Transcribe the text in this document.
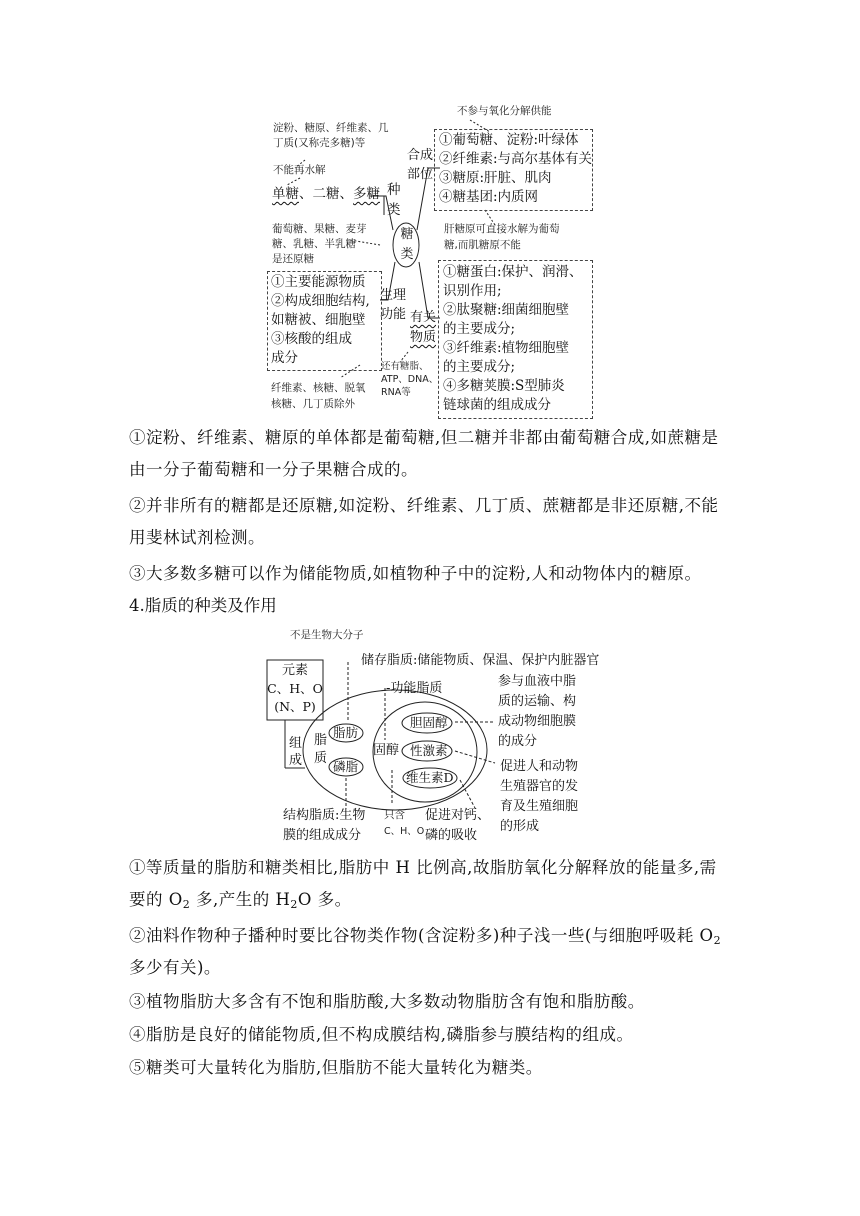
糖类
淀粉、糖原、纤维素、几
丁质(又称壳多糖)等
不能再水解
单糖、二糖、多糖 种
类
葡萄糖、果糖、麦芽
糖、乳糖、半乳糖
是还原糖
合成
部位
不参与氧化分解供能
①葡萄糖、淀粉:叶绿体
②纤维素:与高尔基体有关
③糖原:肝脏、肌肉
④糖基团:内质网
肝糖原可直接水解为葡萄
糖,而肌糖原不能
①主要能源物质
②构成细胞结构,
如糖被、细胞壁
③核酸的组成
成分
生理
功能
纤维素、核糖、脱氧
核糖、几丁质除外
有关
物质
还有糖脂、
ATP、DNA、
RNA等
①糖蛋白:保护、润滑、
识别作用;
②肽聚糖:细菌细胞壁
的主要成分;
③纤维素:植物细胞壁
的主要成分;
④多糖荚膜:S型肺炎
链球菌的组成成分
①淀粉、纤维素、糖原的单体都是葡萄糖,但二糖并非都由葡萄糖合成,如蔗糖是由一分子葡萄糖和一分子果糖合成的。
②并非所有的糖都是还原糖,如淀粉、纤维素、几丁质、蔗糖都是非还原糖,不能用斐林试剂检测。
③大多数多糖可以作为储能物质,如植物种子中的淀粉,人和动物体内的糖原。
4.脂质的种类及作用
不是生物大分子
储存脂质:储能物质、保温、保护内脏器官
元素
C、H、O
(N、P)
组
成
脂
质
脂肪
磷脂
-功能脂质
固醇
胆固醇
性激素
维生素D
参与血液中脂
质的运输、构
成动物细胞膜
的成分
促进人和动物
生殖器官的发
育及生殖细胞
的形成
结构脂质:生物
膜的组成成分
只含
C、H、O
促进对钙、
磷的吸收
①等质量的脂肪和糖类相比,脂肪中 H 比例高,故脂肪氧化分解释放的能量多,需要的 $O_2$ 多,产生的 $H_2O$ 多。
②油料作物种子播种时要比谷物类作物(含淀粉多)种子浅一些(与细胞呼吸耗 $O_2$ 多少有关)。
③植物脂肪大多含有不饱和脂肪酸,大多数动物脂肪含有饱和脂肪酸。
④脂肪是良好的储能物质,但不构成膜结构,磷脂参与膜结构的组成。
⑤糖类可大量转化为脂肪,但脂肪不能大量转化为糖类。
